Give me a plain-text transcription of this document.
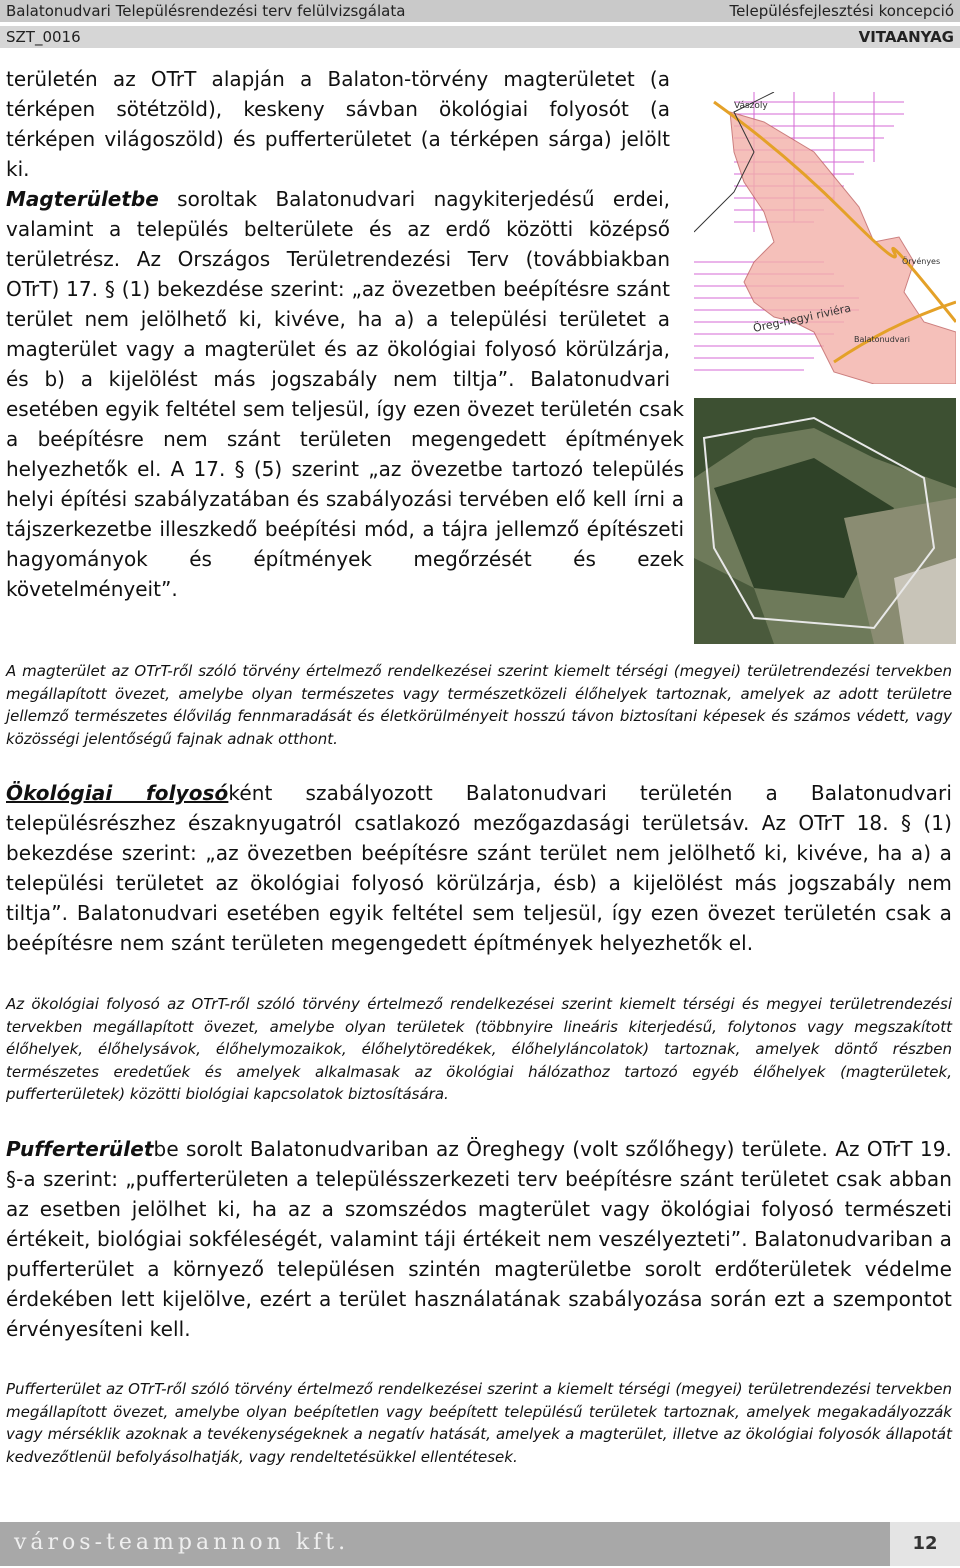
Balatonudvari Településrendezési terv felülvizsgálata	Településfejlesztési koncepció
SZT_0016	VITAANYAG

területén az OTrT alapján a Balaton-törvény magterületet (a térképen sötétzöld), keskeny sávban ökológiai folyosót (a térképen világoszöld) és pufferterületet (a térképen sárga) jelölt ki.

Magterületbe soroltak Balatonudvari nagykiterjedésű erdei, valamint a település belterülete és az erdő közötti középső területrész. Az Országos Területrendezési Terv (továbbiakban OTrT) 17. § (1) bekezdése szerint: „az övezetben beépítésre szánt terület nem jelölhető ki, kivéve, ha a) a települési területet a magterület vagy a magterület és az ökológiai folyosó körülzárja, és b) a kijelölést más jogszabály nem tiltja”. Balatonudvari esetében egyik feltétel sem teljesül, így ezen övezet területén csak a beépítésre nem szánt területen megengedett építmények helyezhetők el. A 17. § (5) szerint „az övezetbe tartozó település helyi építési szabályzatában és szabályozási tervében elő kell írni a tájszerkezetbe illeszkedő beépítési mód, a tájra jellemző építészeti hagyományok és építmények megőrzését és ezek követelményeit”.

Vászoly
Örvényes
Öreg-hegyi riviéra
Balatonudvari

A magterület az OTrT-ről szóló törvény értelmező rendelkezései szerint kiemelt térségi (megyei) területrendezési tervekben megállapított övezet, amelybe olyan természetes vagy természetközeli élőhelyek tartoznak, amelyek az adott területre jellemző természetes élővilág fennmaradását és életkörülményeit hosszú távon biztosítani képesek és számos védett, vagy közösségi jelentőségű fajnak adnak otthont.

Ökológiai folyosóként szabályozott Balatonudvari területén a Balatonudvari településrészhez északnyugatról csatlakozó mezőgazdasági területsáv. Az OTrT 18. § (1) bekezdése szerint: „az övezetben beépítésre szánt terület nem jelölhető ki, kivéve, ha a) a települési területet az ökológiai folyosó körülzárja, ésb) a kijelölést más jogszabály nem tiltja”. Balatonudvari esetében egyik feltétel sem teljesül, így ezen övezet területén csak a beépítésre nem szánt területen megengedett építmények helyezhetők el.

Az ökológiai folyosó az OTrT-ről szóló törvény értelmező rendelkezései szerint kiemelt térségi és megyei területrendezési tervekben megállapított övezet, amelybe olyan területek (többnyire lineáris kiterjedésű, folytonos vagy megszakított élőhelyek, élőhelysávok, élőhelymozaikok, élőhelytöredékek, élőhelyláncolatok) tartoznak, amelyek döntő részben természetes eredetűek és amelyek alkalmasak az ökológiai hálózathoz tartozó egyéb élőhelyek (magterületek, pufferterületek) közötti biológiai kapcsolatok biztosítására.

Pufferterületbe sorolt Balatonudvariban az Öreghegy (volt szőlőhegy) területe. Az OTrT 19. §-a szerint: „pufferterületen a településszerkezeti terv beépítésre szánt területet csak abban az esetben jelölhet ki, ha az a szomszédos magterület vagy ökológiai folyosó természeti értékeit, biológiai sokféleségét, valamint táji értékeit nem veszélyezteti”. Balatonudvariban a pufferterület a környező településen szintén magterületbe sorolt erdőterületek védelme érdekében lett kijelölve, ezért a terület használatának szabályozása során ezt a szempontot érvényesíteni kell.

Pufferterület az OTrT-ről szóló törvény értelmező rendelkezései szerint a kiemelt térségi (megyei) területrendezési tervekben megállapított övezet, amelybe olyan beépítetlen vagy beépített településű területek tartoznak, amelyek megakadályozzák vagy mérséklik azoknak a tevékenységeknek a negatív hatását, amelyek a magterület, illetve az ökológiai folyosók állapotát kedvezőtlenül befolyásolhatják, vagy rendeltetésükkel ellentétesek.

város-teampannon kft.	12
